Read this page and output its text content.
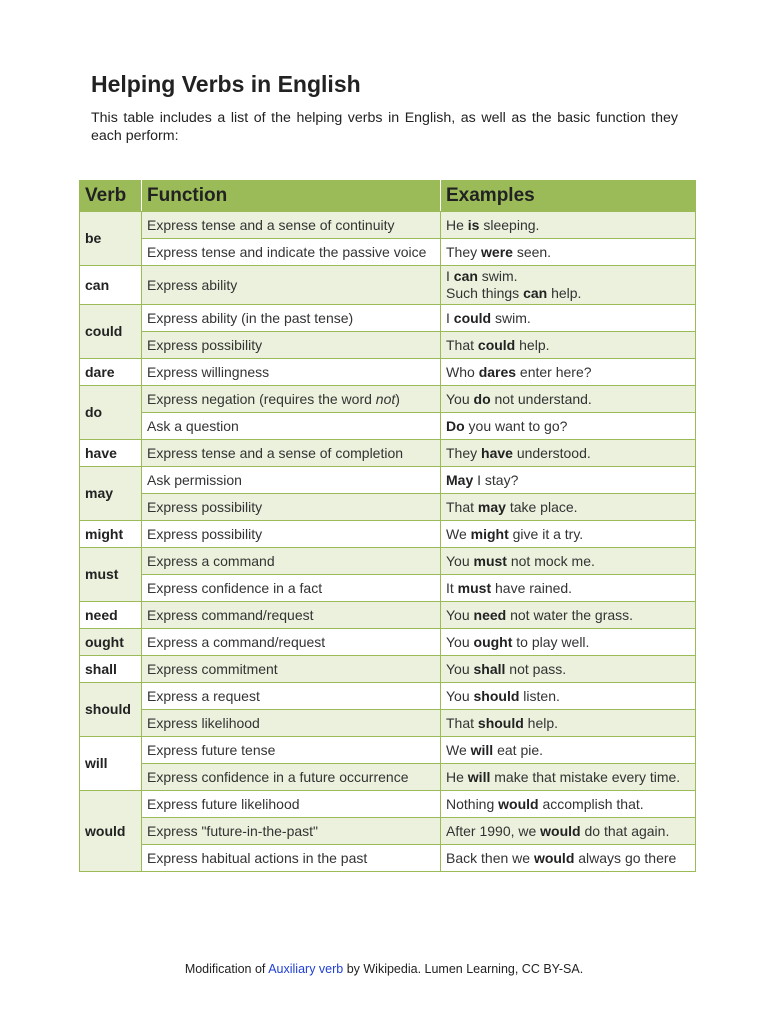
Helping Verbs in English

This table includes a list of the helping verbs in English, as well as the basic function they each perform:

Verb	Function	Examples
be	Express tense and a sense of continuity	He is sleeping.
	Express tense and indicate the passive voice	They were seen.
can	Express ability	I can swim.
Such things can help.
could	Express ability (in the past tense)	I could swim.
	Express possibility	That could help.
dare	Express willingness	Who dares enter here?
do	Express negation (requires the word not)	You do not understand.
	Ask a question	Do you want to go?
have	Express tense and a sense of completion	They have understood.
may	Ask permission	May I stay?
	Express possibility	That may take place.
might	Express possibility	We might give it a try.
must	Express a command	You must not mock me.
	Express confidence in a fact	It must have rained.
need	Express command/request	You need not water the grass.
ought	Express a command/request	You ought to play well.
shall	Express commitment	You shall not pass.
should	Express a request	You should listen.
	Express likelihood	That should help.
will	Express future tense	We will eat pie.
	Express confidence in a future occurrence	He will make that mistake every time.
would	Express future likelihood	Nothing would accomplish that.
	Express "future-in-the-past"	After 1990, we would do that again.
	Express habitual actions in the past	Back then we would always go there
Modification of Auxiliary verb by Wikipedia. Lumen Learning, CC BY-SA.
